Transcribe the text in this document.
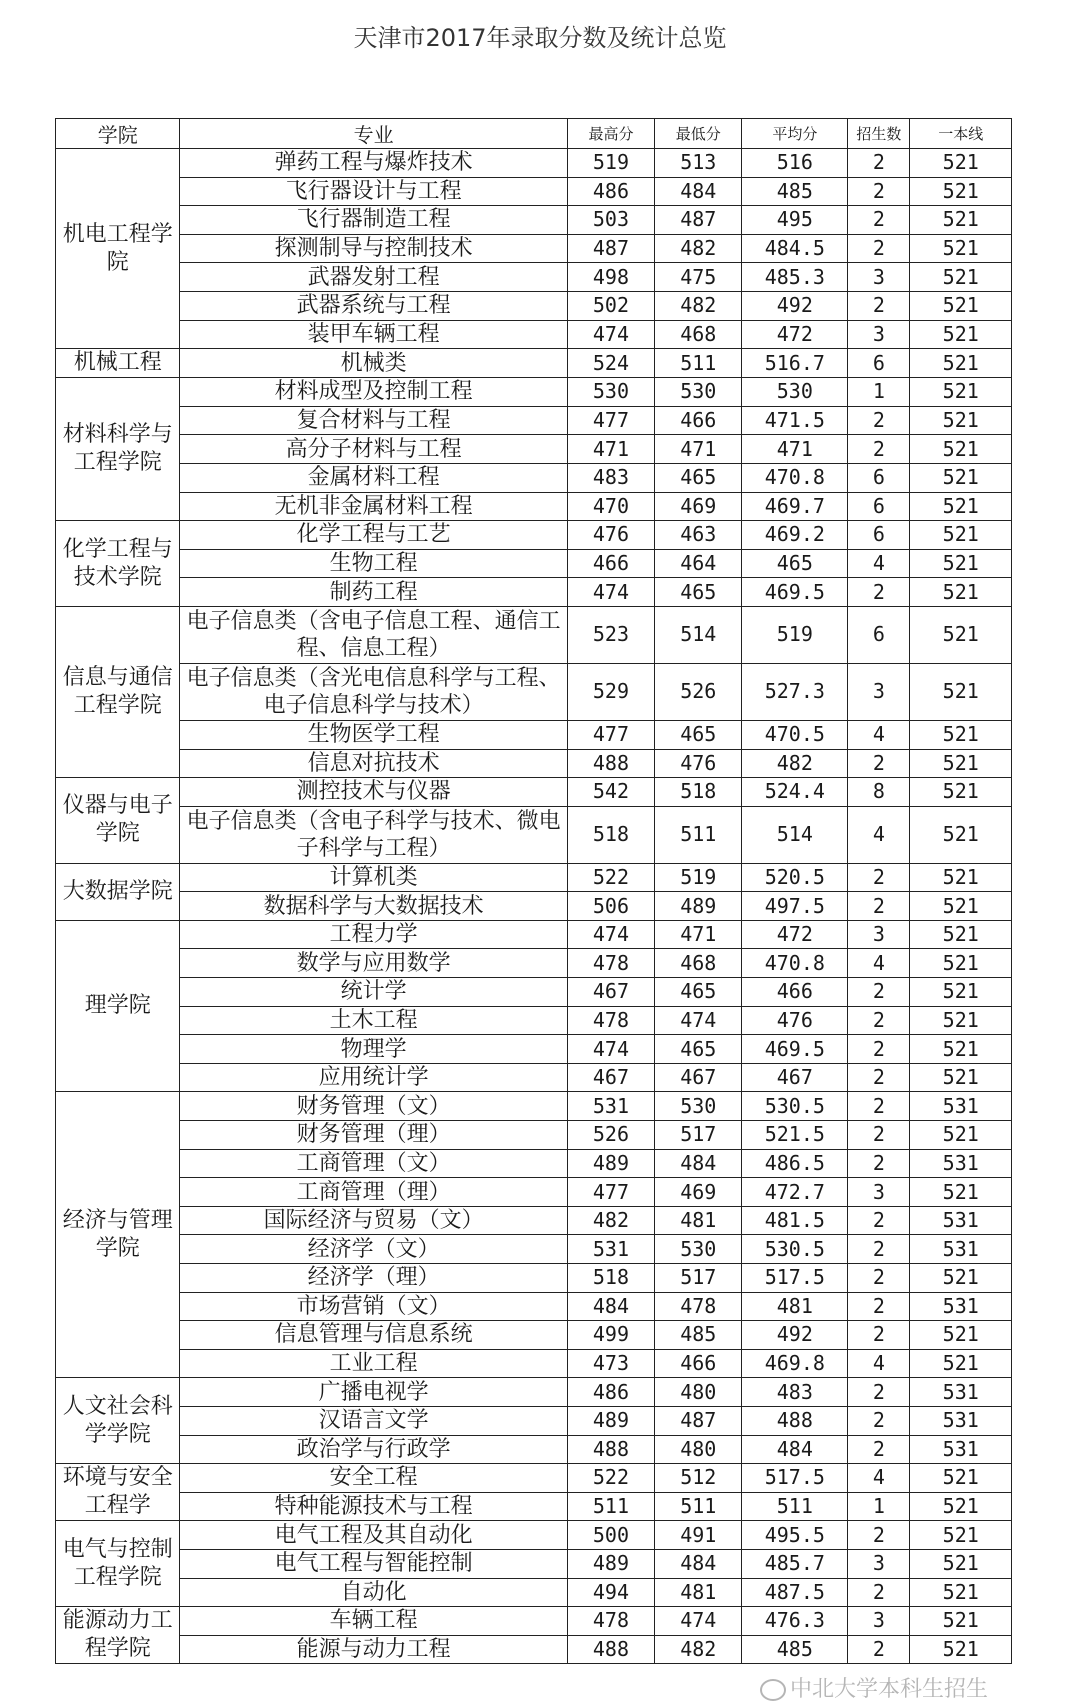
天津市2017年录取分数及统计总览
学院	专业	最高分	最低分	平均分	招生数	一本线
机电工程学院	弹药工程与爆炸技术	519	513	516	2	521
	飞行器设计与工程	486	484	485	2	521
	飞行器制造工程	503	487	495	2	521
	探测制导与控制技术	487	482	484.5	2	521
	武器发射工程	498	475	485.3	3	521
	武器系统与工程	502	482	492	2	521
	装甲车辆工程	474	468	472	3	521
机械工程	机械类	524	511	516.7	6	521
材料科学与工程学院	材料成型及控制工程	530	530	530	1	521
	复合材料与工程	477	466	471.5	2	521
	高分子材料与工程	471	471	471	2	521
	金属材料工程	483	465	470.8	6	521
	无机非金属材料工程	470	469	469.7	6	521
化学工程与技术学院	化学工程与工艺	476	463	469.2	6	521
	生物工程	466	464	465	4	521
	制药工程	474	465	469.5	2	521
信息与通信工程学院	电子信息类（含电子信息工程、通信工程、信息工程）	523	514	519	6	521
	电子信息类（含光电信息科学与工程、电子信息科学与技术）	529	526	527.3	3	521
	生物医学工程	477	465	470.5	4	521
	信息对抗技术	488	476	482	2	521
仪器与电子学院	测控技术与仪器	542	518	524.4	8	521
	电子信息类（含电子科学与技术、微电子科学与工程）	518	511	514	4	521
大数据学院	计算机类	522	519	520.5	2	521
	数据科学与大数据技术	506	489	497.5	2	521
理学院	工程力学	474	471	472	3	521
	数学与应用数学	478	468	470.8	4	521
	统计学	467	465	466	2	521
	土木工程	478	474	476	2	521
	物理学	474	465	469.5	2	521
	应用统计学	467	467	467	2	521
经济与管理学院	财务管理（文）	531	530	530.5	2	531
	财务管理（理）	526	517	521.5	2	521
	工商管理（文）	489	484	486.5	2	531
	工商管理（理）	477	469	472.7	3	521
	国际经济与贸易（文）	482	481	481.5	2	531
	经济学（文）	531	530	530.5	2	531
	经济学（理）	518	517	517.5	2	521
	市场营销（文）	484	478	481	2	531
	信息管理与信息系统	499	485	492	2	521
	工业工程	473	466	469.8	4	521
人文社会科学学院	广播电视学	486	480	483	2	531
	汉语言文学	489	487	488	2	531
	政治学与行政学	488	480	484	2	531
环境与安全工程学	安全工程	522	512	517.5	4	521
	特种能源技术与工程	511	511	511	1	521
电气与控制工程学院	电气工程及其自动化	500	491	495.5	2	521
	电气工程与智能控制	489	484	485.7	3	521
	自动化	494	481	487.5	2	521
能源动力工程学院	车辆工程	478	474	476.3	3	521
	能源与动力工程	488	482	485	2	521
中北大学本科生招生
